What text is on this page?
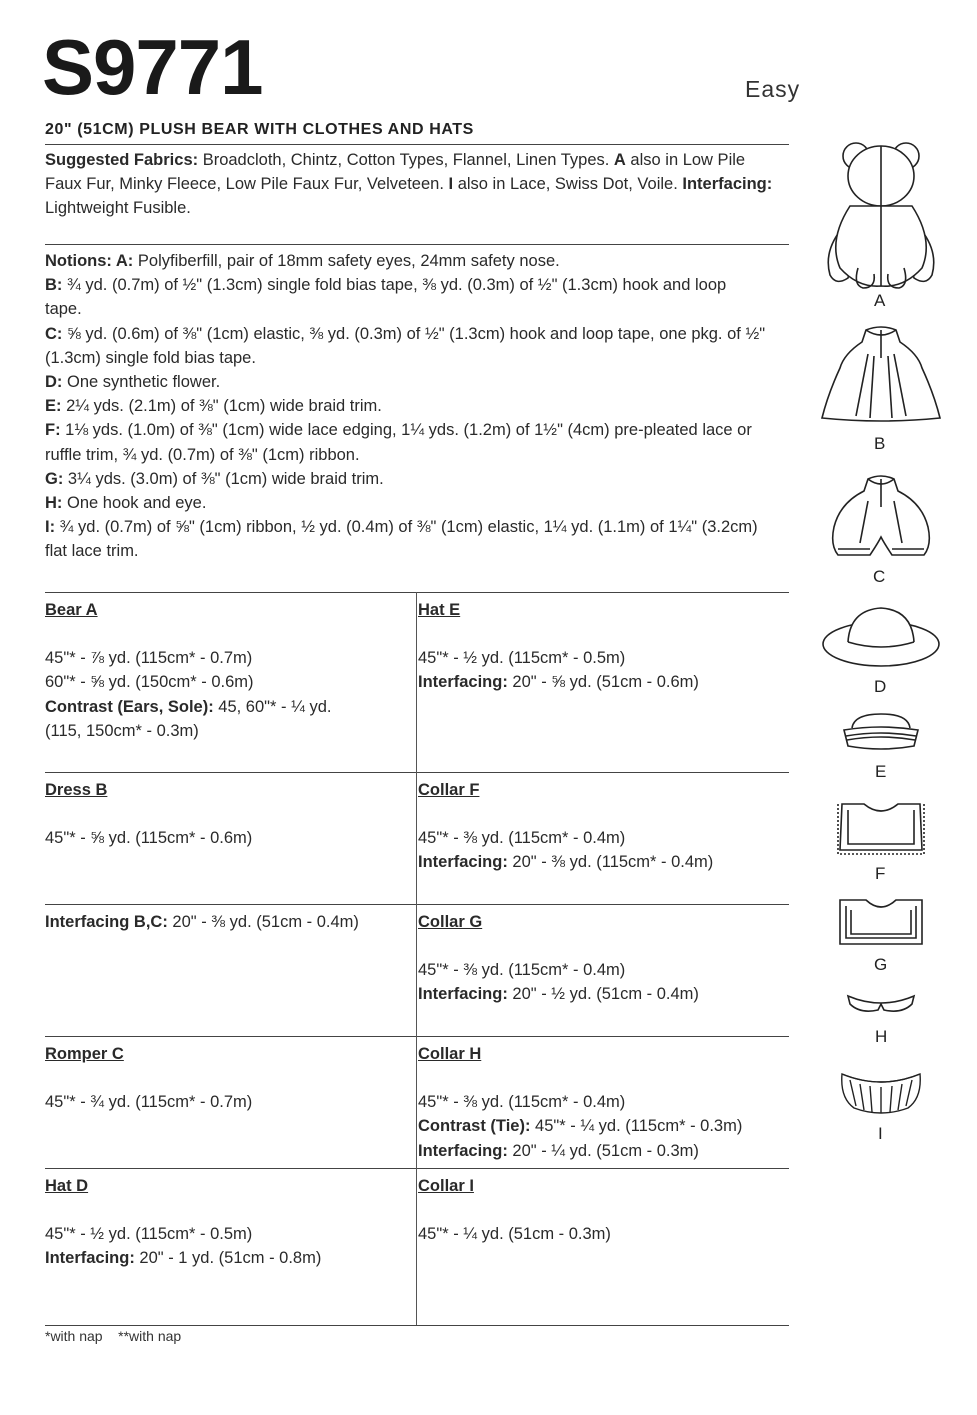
S9771	Easy
20" (51CM) PLUSH BEAR WITH CLOTHES AND HATS
Suggested Fabrics: Broadcloth, Chintz, Cotton Types, Flannel, Linen Types. A also in Low Pile
Faux Fur, Minky Fleece, Low Pile Faux Fur, Velveteen. I also in Lace, Swiss Dot, Voile. Interfacing:
Lightweight Fusible.
Notions: A: Polyfiberfill, pair of 18mm safety eyes, 24mm safety nose.
B: ¾ yd. (0.7m) of ½" (1.3cm) single fold bias tape, ⅜ yd. (0.3m) of ½" (1.3cm) hook and loop
tape.
C: ⅝ yd. (0.6m) of ⅜" (1cm) elastic, ⅜ yd. (0.3m) of ½" (1.3cm) hook and loop tape, one pkg. of ½"
(1.3cm) single fold bias tape.
D: One synthetic flower.
E: 2¼ yds. (2.1m) of ⅜" (1cm) wide braid trim.
F: 1⅛ yds. (1.0m) of ⅜" (1cm) wide lace edging, 1¼ yds. (1.2m) of 1½" (4cm) pre-pleated lace or
ruffle trim, ¾ yd. (0.7m) of ⅜" (1cm) ribbon.
G: 3¼ yds. (3.0m) of ⅜" (1cm) wide braid trim.
H: One hook and eye.
I: ¾ yd. (0.7m) of ⅝" (1cm) ribbon, ½ yd. (0.4m) of ⅜" (1cm) elastic, 1¼ yd. (1.1m) of 1¼" (3.2cm)
flat lace trim.
Bear A
45"* - ⅞ yd. (115cm* - 0.7m)
60"* - ⅝ yd. (150cm* - 0.6m)
Contrast (Ears, Sole): 45, 60"* - ¼ yd.
(115, 150cm* - 0.3m)
Dress B
45"* - ⅝ yd. (115cm* - 0.6m)
Interfacing B,C: 20" - ⅜ yd. (51cm - 0.4m)
Romper C
45"* - ¾ yd. (115cm* - 0.7m)
Hat D
45"* - ½ yd. (115cm* - 0.5m)
Interfacing: 20" - 1 yd. (51cm - 0.8m)
Hat E
45"* - ½ yd. (115cm* - 0.5m)
Interfacing: 20" - ⅝ yd. (51cm - 0.6m)
Collar F
45"* - ⅜ yd. (115cm* - 0.4m)
Interfacing: 20" - ⅜ yd. (115cm* - 0.4m)
Collar G
45"* - ⅜ yd. (115cm* - 0.4m)
Interfacing: 20" - ½ yd. (51cm - 0.4m)
Collar H
45"* - ⅜ yd. (115cm* - 0.4m)
Contrast (Tie): 45"* - ¼ yd. (115cm* - 0.3m)
Interfacing: 20" - ¼ yd. (51cm - 0.3m)
Collar I
45"* - ¼ yd. (51cm - 0.3m)
*with nap    **with nap
A
B
C
D
E
F
G
H
I
